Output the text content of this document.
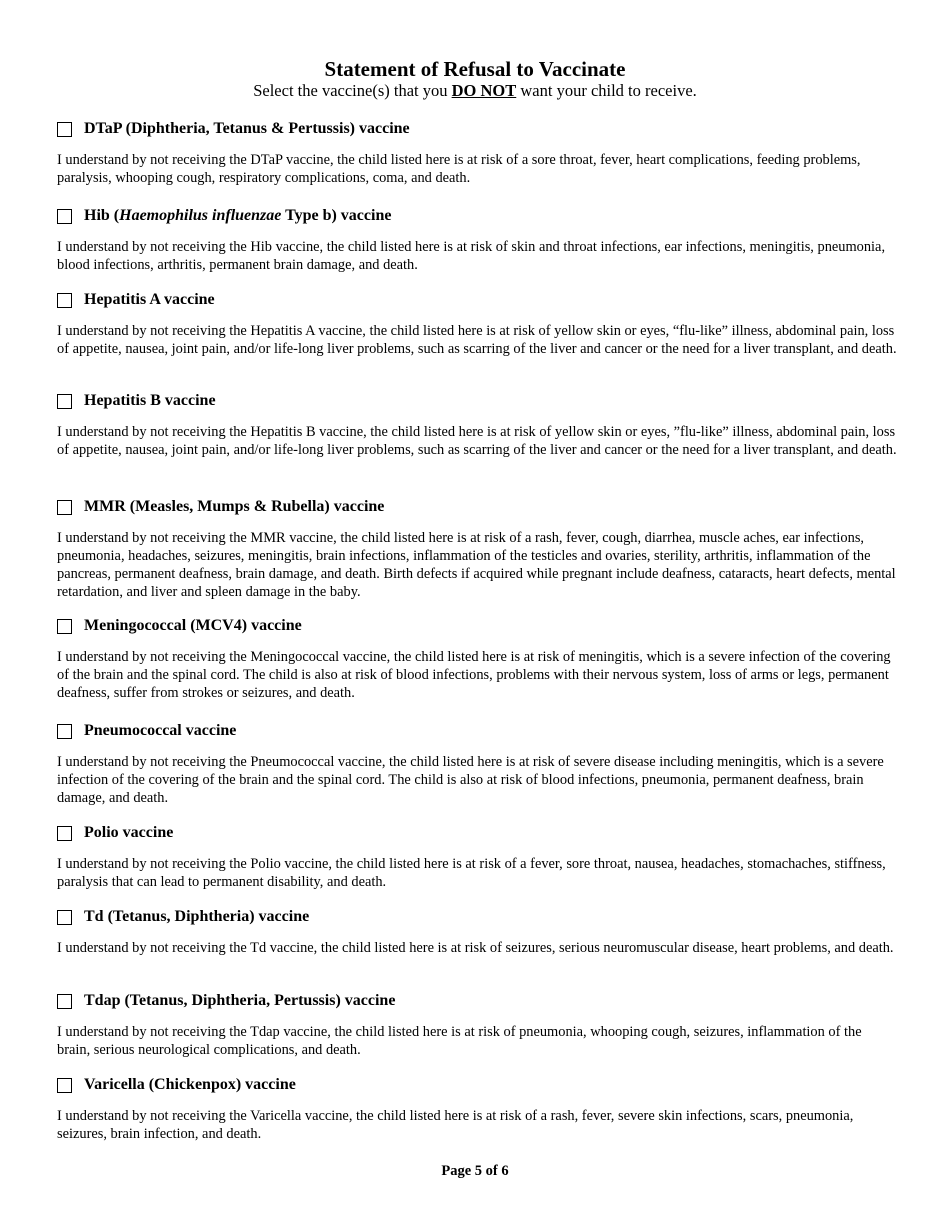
Statement of Refusal to Vaccinate
Select the vaccine(s) that you DO NOT want your child to receive.
DTaP (Diphtheria, Tetanus & Pertussis) vaccine
I understand by not receiving the DTaP vaccine, the child listed here is at risk of a sore throat, fever, heart complications, feeding problems, paralysis, whooping cough, respiratory complications, coma, and death.
Hib (Haemophilus influenzae Type b) vaccine
I understand by not receiving the Hib vaccine, the child listed here is at risk of skin and throat infections, ear infections, meningitis, pneumonia, blood infections, arthritis, permanent brain damage, and death.
Hepatitis A vaccine
I understand by not receiving the Hepatitis A vaccine, the child listed here is at risk of yellow skin or eyes, “flu-like” illness, abdominal pain, loss of appetite, nausea, joint pain, and/or life-long liver problems, such as scarring of the liver and cancer or the need for a liver transplant, and death.
Hepatitis B vaccine
I understand by not receiving the Hepatitis B vaccine, the child listed here is at risk of yellow skin or eyes, ”flu-like” illness, abdominal pain, loss of appetite, nausea, joint pain, and/or life-long liver problems, such as scarring of the liver and cancer or the need for a liver transplant, and death.
MMR (Measles, Mumps & Rubella) vaccine
I understand by not receiving the MMR vaccine, the child listed here is at risk of a rash, fever, cough, diarrhea, muscle aches, ear infections, pneumonia, headaches, seizures, meningitis, brain infections, inflammation of the testicles and ovaries, sterility, arthritis, inflammation of the pancreas, permanent deafness, brain damage, and death. Birth defects if acquired while pregnant include deafness, cataracts, heart defects, mental retardation, and liver and spleen damage in the baby.
Meningococcal (MCV4) vaccine
I understand by not receiving the Meningococcal vaccine, the child listed here is at risk of meningitis, which is a severe infection of the covering of the brain and the spinal cord. The child is also at risk of blood infections, problems with their nervous system, loss of arms or legs, permanent deafness, suffer from strokes or seizures, and death.
Pneumococcal vaccine
I understand by not receiving the Pneumococcal vaccine, the child listed here is at risk of severe disease including meningitis, which is a severe infection of the covering of the brain and the spinal cord. The child is also at risk of blood infections, pneumonia, permanent deafness, brain damage, and death.
Polio vaccine
I understand by not receiving the Polio vaccine, the child listed here is at risk of a fever, sore throat, nausea, headaches, stomachaches, stiffness, paralysis that can lead to permanent disability, and death.
Td (Tetanus, Diphtheria) vaccine
I understand by not receiving the Td vaccine, the child listed here is at risk of seizures, serious neuromuscular disease, heart problems, and death.
Tdap (Tetanus, Diphtheria, Pertussis) vaccine
I understand by not receiving the Tdap vaccine, the child listed here is at risk of pneumonia, whooping cough, seizures, inflammation of the brain, serious neurological complications, and death.
Varicella (Chickenpox) vaccine
I understand by not receiving the Varicella vaccine, the child listed here is at risk of a rash, fever, severe skin infections, scars, pneumonia, seizures, brain infection, and death.
Page 5 of 6
